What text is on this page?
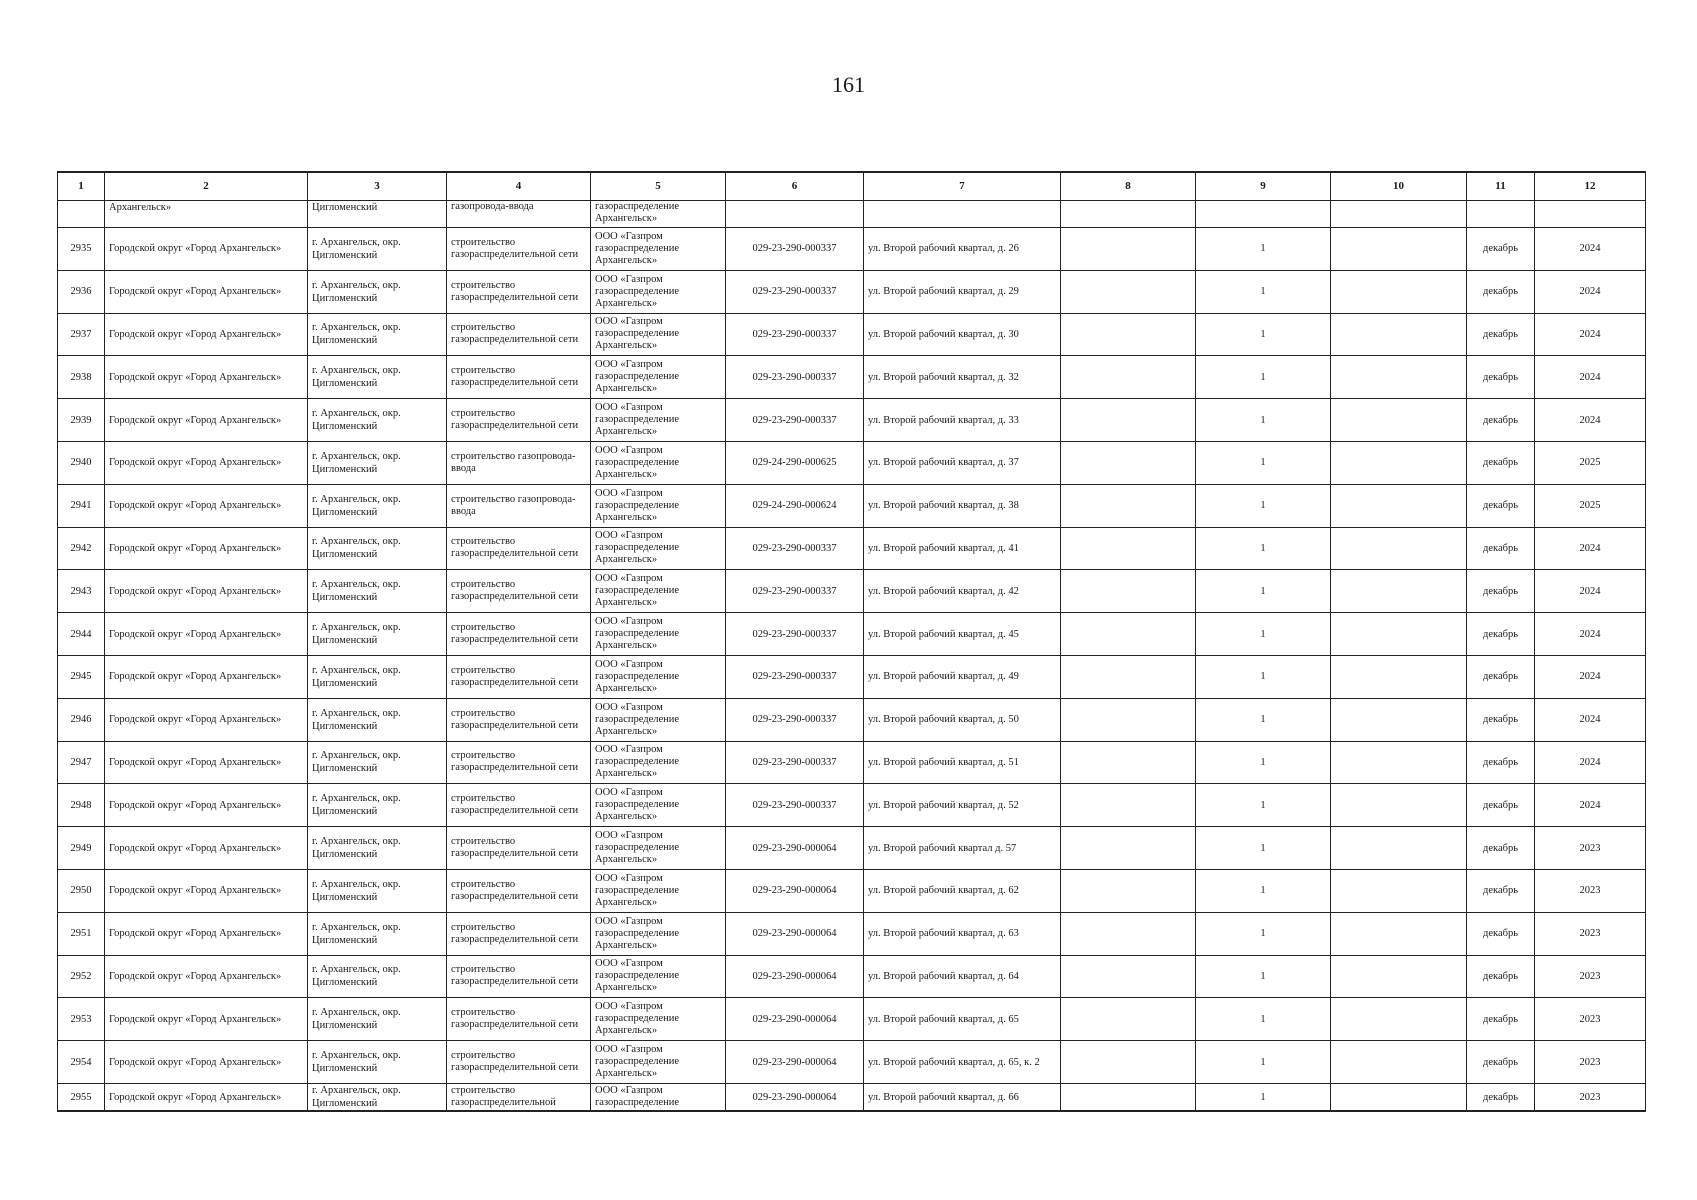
161
1	2	3	4	5	6	7	8	9	10	11	12
	Архангельск»	Цигломенский	газопровода-ввода	газораспределение Архангельск»							
2935	Городской округ «Город Архангельск»	г. Архангельск, окр. Цигломенский	строительство газораспределительной сети	ООО «Газпром газораспределение Архангельск»	029-23-290-000337	ул. Второй рабочий квартал, д. 26		1		декабрь	2024
2936	Городской округ «Город Архангельск»	г. Архангельск, окр. Цигломенский	строительство газораспределительной сети	ООО «Газпром газораспределение Архангельск»	029-23-290-000337	ул. Второй рабочий квартал, д. 29		1		декабрь	2024
2937	Городской округ «Город Архангельск»	г. Архангельск, окр. Цигломенский	строительство газораспределительной сети	ООО «Газпром газораспределение Архангельск»	029-23-290-000337	ул. Второй рабочий квартал, д. 30		1		декабрь	2024
2938	Городской округ «Город Архангельск»	г. Архангельск, окр. Цигломенский	строительство газораспределительной сети	ООО «Газпром газораспределение Архангельск»	029-23-290-000337	ул. Второй рабочий квартал, д. 32		1		декабрь	2024
2939	Городской округ «Город Архангельск»	г. Архангельск, окр. Цигломенский	строительство газораспределительной сети	ООО «Газпром газораспределение Архангельск»	029-23-290-000337	ул. Второй рабочий квартал, д. 33		1		декабрь	2024
2940	Городской округ «Город Архангельск»	г. Архангельск, окр. Цигломенский	строительство газопровода-ввода	ООО «Газпром газораспределение Архангельск»	029-24-290-000625	ул. Второй рабочий квартал, д. 37		1		декабрь	2025
2941	Городской округ «Город Архангельск»	г. Архангельск, окр. Цигломенский	строительство газопровода-ввода	ООО «Газпром газораспределение Архангельск»	029-24-290-000624	ул. Второй рабочий квартал, д. 38		1		декабрь	2025
2942	Городской округ «Город Архангельск»	г. Архангельск, окр. Цигломенский	строительство газораспределительной сети	ООО «Газпром газораспределение Архангельск»	029-23-290-000337	ул. Второй рабочий квартал, д. 41		1		декабрь	2024
2943	Городской округ «Город Архангельск»	г. Архангельск, окр. Цигломенский	строительство газораспределительной сети	ООО «Газпром газораспределение Архангельск»	029-23-290-000337	ул. Второй рабочий квартал, д. 42		1		декабрь	2024
2944	Городской округ «Город Архангельск»	г. Архангельск, окр. Цигломенский	строительство газораспределительной сети	ООО «Газпром газораспределение Архангельск»	029-23-290-000337	ул. Второй рабочий квартал, д. 45		1		декабрь	2024
2945	Городской округ «Город Архангельск»	г. Архангельск, окр. Цигломенский	строительство газораспределительной сети	ООО «Газпром газораспределение Архангельск»	029-23-290-000337	ул. Второй рабочий квартал, д. 49		1		декабрь	2024
2946	Городской округ «Город Архангельск»	г. Архангельск, окр. Цигломенский	строительство газораспределительной сети	ООО «Газпром газораспределение Архангельск»	029-23-290-000337	ул. Второй рабочий квартал, д. 50		1		декабрь	2024
2947	Городской округ «Город Архангельск»	г. Архангельск, окр. Цигломенский	строительство газораспределительной сети	ООО «Газпром газораспределение Архангельск»	029-23-290-000337	ул. Второй рабочий квартал, д. 51		1		декабрь	2024
2948	Городской округ «Город Архангельск»	г. Архангельск, окр. Цигломенский	строительство газораспределительной сети	ООО «Газпром газораспределение Архангельск»	029-23-290-000337	ул. Второй рабочий квартал, д. 52		1		декабрь	2024
2949	Городской округ «Город Архангельск»	г. Архангельск, окр. Цигломенский	строительство газораспределительной сети	ООО «Газпром газораспределение Архангельск»	029-23-290-000064	ул. Второй рабочий квартал д. 57		1		декабрь	2023
2950	Городской округ «Город Архангельск»	г. Архангельск, окр. Цигломенский	строительство газораспределительной сети	ООО «Газпром газораспределение Архангельск»	029-23-290-000064	ул. Второй рабочий квартал, д. 62		1		декабрь	2023
2951	Городской округ «Город Архангельск»	г. Архангельск, окр. Цигломенский	строительство газораспределительной сети	ООО «Газпром газораспределение Архангельск»	029-23-290-000064	ул. Второй рабочий квартал, д. 63		1		декабрь	2023
2952	Городской округ «Город Архангельск»	г. Архангельск, окр. Цигломенский	строительство газораспределительной сети	ООО «Газпром газораспределение Архангельск»	029-23-290-000064	ул. Второй рабочий квартал, д. 64		1		декабрь	2023
2953	Городской округ «Город Архангельск»	г. Архангельск, окр. Цигломенский	строительство газораспределительной сети	ООО «Газпром газораспределение Архангельск»	029-23-290-000064	ул. Второй рабочий квартал, д. 65		1		декабрь	2023
2954	Городской округ «Город Архангельск»	г. Архангельск, окр. Цигломенский	строительство газораспределительной сети	ООО «Газпром газораспределение Архангельск»	029-23-290-000064	ул. Второй рабочий квартал, д. 65, к. 2		1		декабрь	2023
2955	Городской округ «Город Архангельск»	г. Архангельск, окр. Цигломенский	строительство газораспределительной	ООО «Газпром газораспределение	029-23-290-000064	ул. Второй рабочий квартал, д. 66		1		декабрь	2023
